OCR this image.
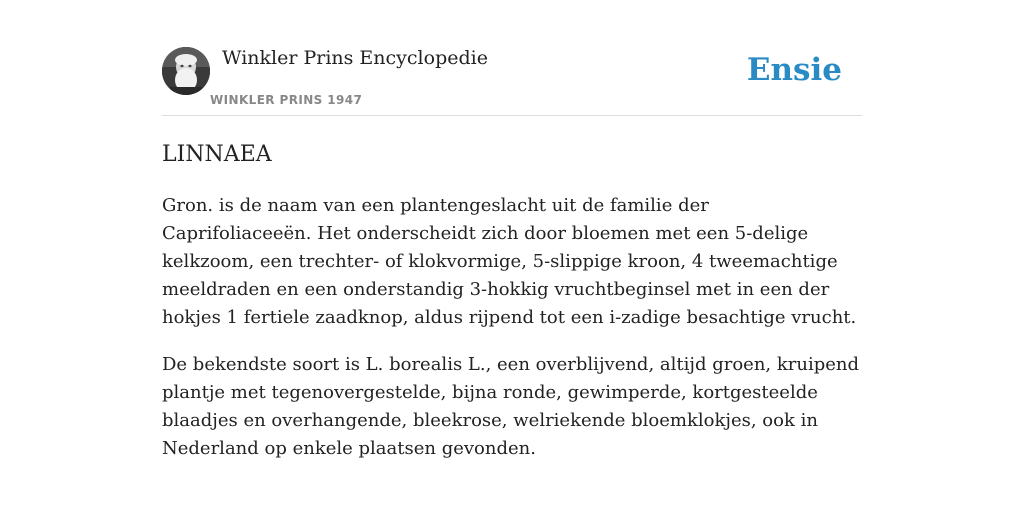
Winkler Prins Encyclopedie
WINKLER PRINS 1947
Ensie
LINNAEA

Gron. is de naam van een plantengeslacht uit de familie der Caprifoliaceeën. Het onderscheidt zich door bloemen met een 5-delige kelkzoom, een trechter- of klokvormige, 5-slippige kroon, 4 tweemachtige meeldraden en een onderstandig 3-hokkig vruchtbeginsel met in een der hokjes 1 fertiele zaadknop, aldus rijpend tot een i-zadige besachtige vrucht.

De bekendste soort is L. borealis L., een overblijvend, altijd groen, kruipend plantje met tegenovergestelde, bijna ronde, gewimperde, kortgesteelde blaadjes en overhangende, bleekrose, welriekende bloemklokjes, ook in Nederland op enkele plaatsen gevonden.
